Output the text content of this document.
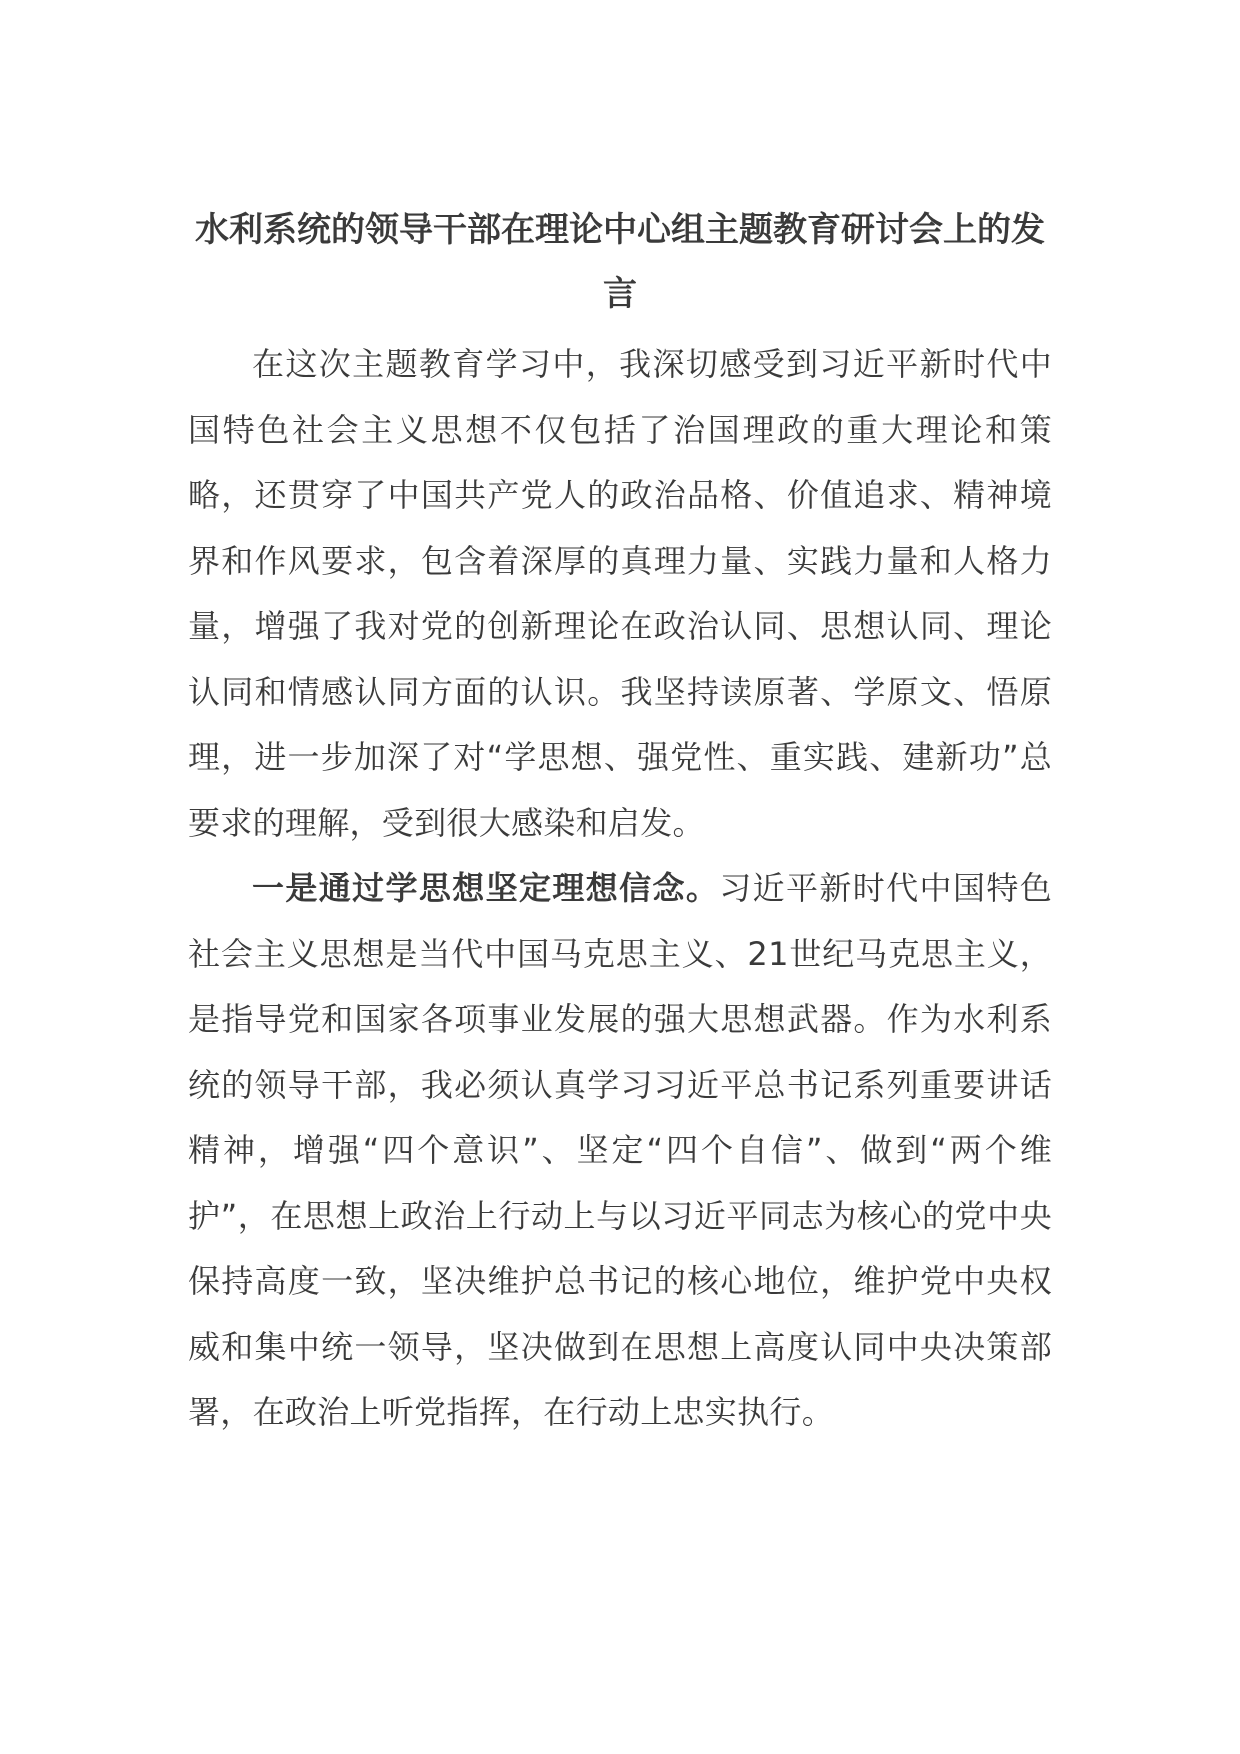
水利系统的领导干部在理论中心组主题教育研讨会上的发言

在这次主题教育学习中，我深切感受到习近平新时代中国特色社会主义思想不仅包括了治国理政的重大理论和策略，还贯穿了中国共产党人的政治品格、价值追求、精神境界和作风要求，包含着深厚的真理力量、实践力量和人格力量，增强了我对党的创新理论在政治认同、思想认同、理论认同和情感认同方面的认识。我坚持读原著、学原文、悟原理，进一步加深了对“学思想、强党性、重实践、建新功”总要求的理解，受到很大感染和启发。

一是通过学思想坚定理想信念。习近平新时代中国特色社会主义思想是当代中国马克思主义、21世纪马克思主义，是指导党和国家各项事业发展的强大思想武器。作为水利系统的领导干部，我必须认真学习习近平总书记系列重要讲话精神，增强“四个意识”、坚定“四个自信”、做到“两个维护”，在思想上政治上行动上与以习近平同志为核心的党中央保持高度一致，坚决维护总书记的核心地位，维护党中央权威和集中统一领导，坚决做到在思想上高度认同中央决策部署，在政治上听党指挥，在行动上忠实执行。
